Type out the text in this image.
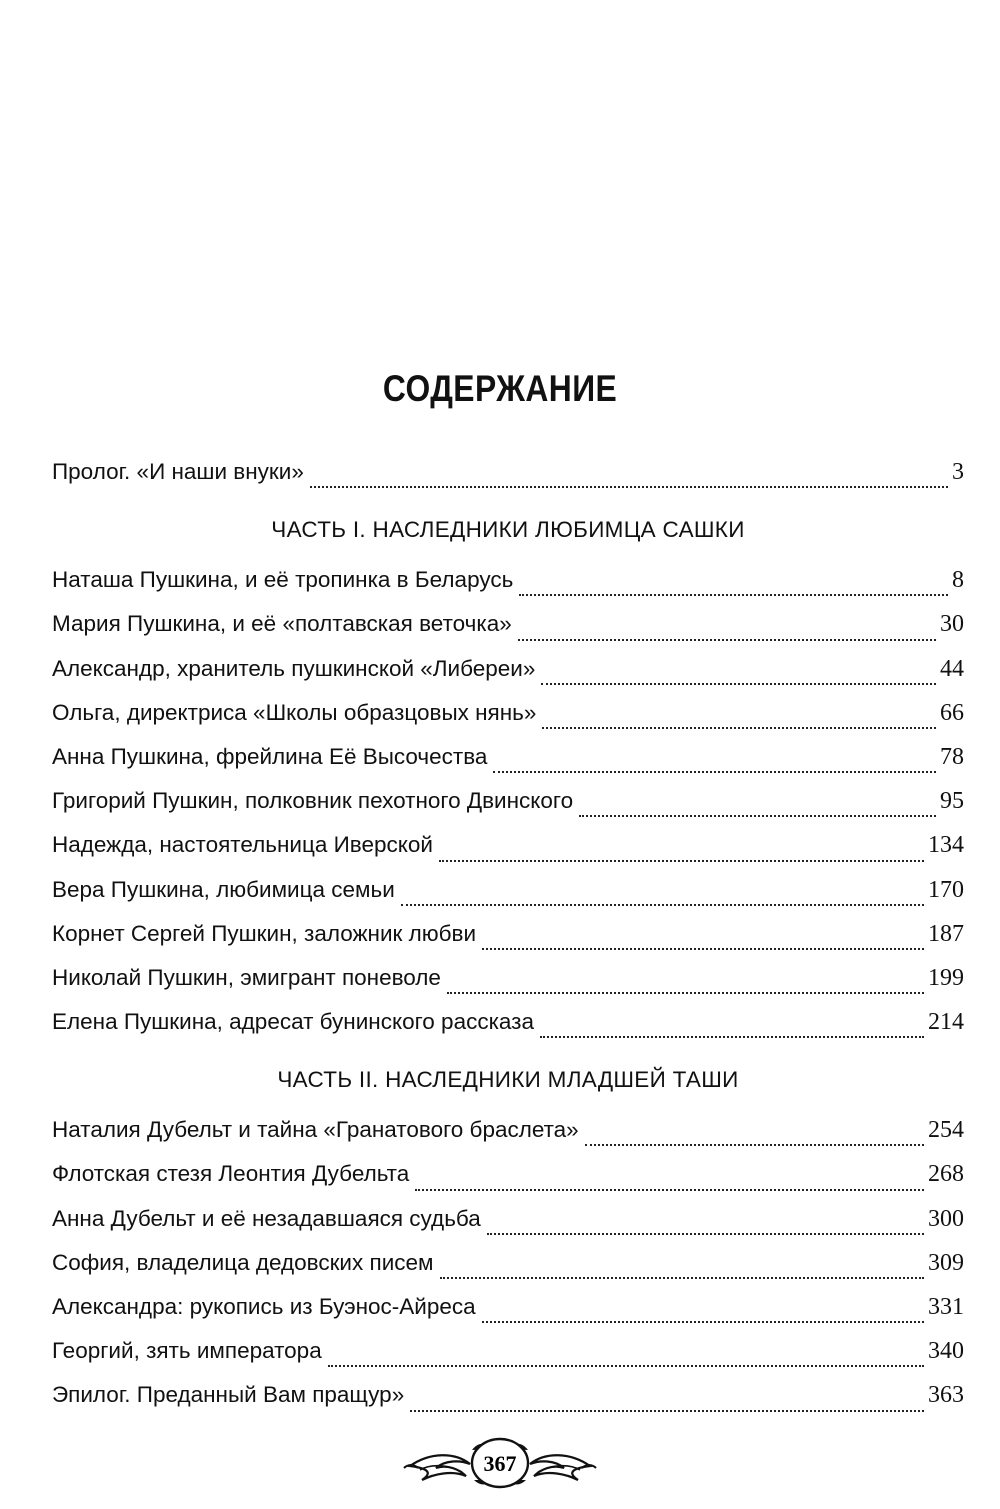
СОДЕРЖАНИЕ
Пролог. «И наши внуки»	3
ЧАСТЬ I. НАСЛЕДНИКИ ЛЮБИМЦА САШКИ
Наташа Пушкина, и её тропинка в Беларусь	8
Мария Пушкина, и её «полтавская веточка»	30
Александр, хранитель пушкинской «Либереи»	44
Ольга, директриса «Школы образцовых нянь»	66
Анна Пушкина, фрейлина Её Высочества	78
Григорий Пушкин, полковник пехотного Двинского	95
Надежда, настоятельница Иверской	134
Вера Пушкина, любимица семьи	170
Корнет Сергей Пушкин, заложник любви	187
Николай Пушкин, эмигрант поневоле	199
Елена Пушкина, адресат бунинского рассказа	214
ЧАСТЬ II. НАСЛЕДНИКИ МЛАДШЕЙ ТАШИ
Наталия Дубельт и тайна «Гранатового браслета»	254
Флотская стезя Леонтия Дубельта	268
Анна Дубельт и её незадавшаяся судьба	300
София, владелица дедовских писем	309
Александра: рукопись из Буэнос-Айреса	331
Георгий, зять императора	340
Эпилог. Преданный Вам пращур»	363
367
